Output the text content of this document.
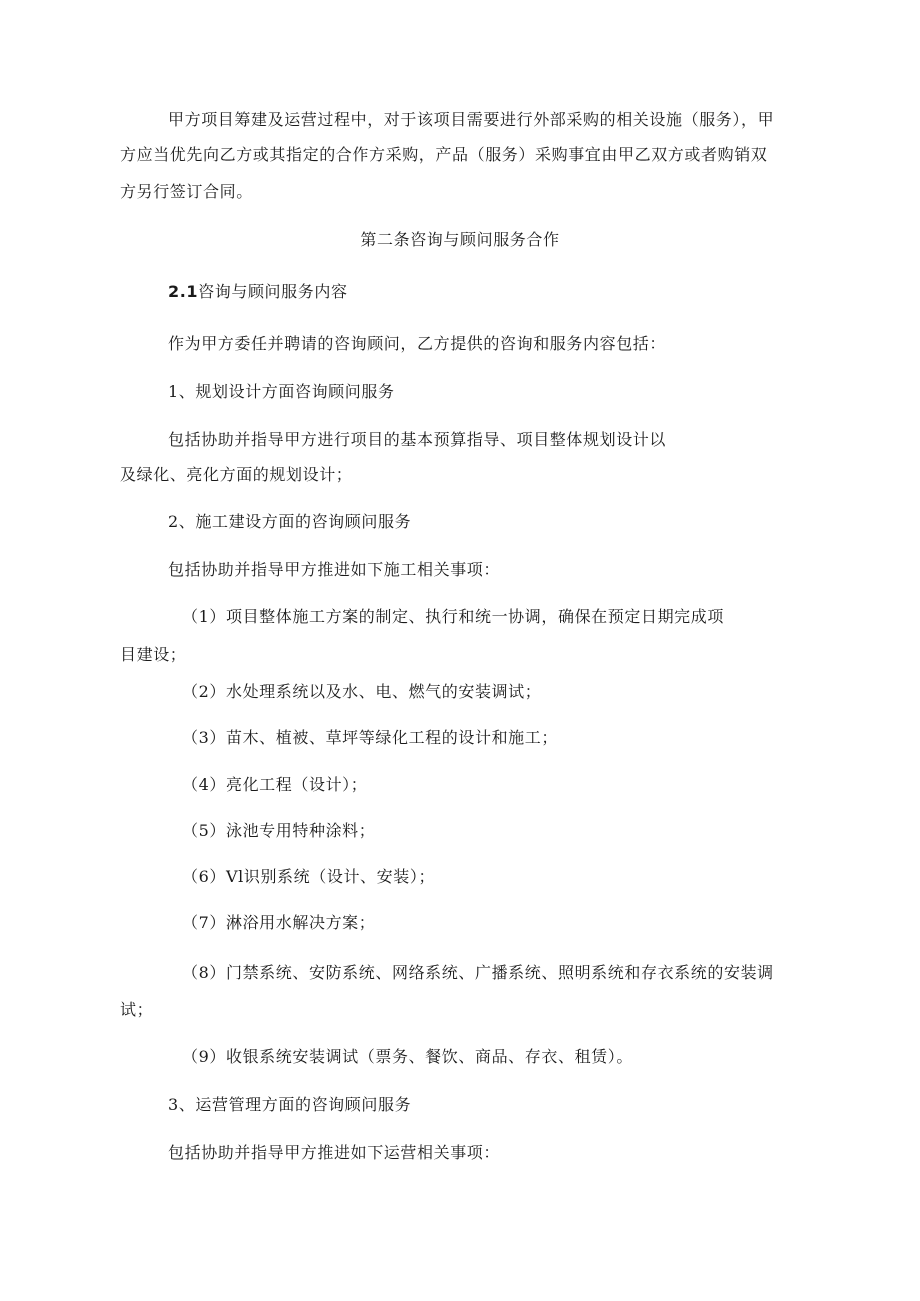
甲方项目筹建及运营过程中，对于该项目需要进行外部采购的相关设施（服务），甲
方应当优先向乙方或其指定的合作方采购，产品（服务）采购事宜由甲乙双方或者购销双
方另行签订合同。
第二条咨询与顾问服务合作
2.1咨询与顾问服务内容
作为甲方委任并聘请的咨询顾问，乙方提供的咨询和服务内容包括：
1、规划设计方面咨询顾问服务
包括协助并指导甲方进行项目的基本预算指导、项目整体规划设计以
及绿化、亮化方面的规划设计；
2、施工建设方面的咨询顾问服务
包括协助并指导甲方推进如下施工相关事项：
（1）项目整体施工方案的制定、执行和统一协调，确保在预定日期完成项
目建设；
（2）水处理系统以及水、电、燃气的安装调试；
（3）苗木、植被、草坪等绿化工程的设计和施工；
（4）亮化工程（设计）；
（5）泳池专用特种涂料；
（6）Vl识别系统（设计、安装）；
（7）淋浴用水解决方案；
（8）门禁系统、安防系统、网络系统、广播系统、照明系统和存衣系统的安装调
试；
（9）收银系统安装调试（票务、餐饮、商品、存衣、租赁）。
3、运营管理方面的咨询顾问服务
包括协助并指导甲方推进如下运营相关事项：
